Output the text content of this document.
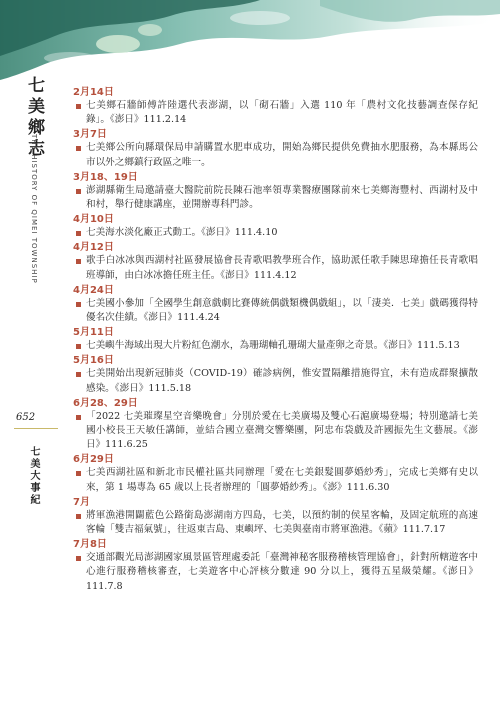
七美鄉志
THE HISTORY OF QIMEI TOWNSHIP
652
七美大事紀
2月14日
七美鄉石牆師傅許陸選代表澎湖，以「砌石牆」入選 110 年「農村文化技藝調查保存紀錄」。《澎日》111.2.14
3月7日
七美鄉公所向縣環保局申請購置水肥車成功，開始為鄉民提供免費抽水肥服務，為本縣馬公市以外之鄉鎮行政區之唯一。
3月18、19日
澎湖縣衛生局邀請臺大醫院前院長陳石池率領專業醫療團隊前來七美鄉海豐村、西湖村及中和村，舉行健康講座，並開辦專科門診。
4月10日
七美海水淡化廠正式動工。《澎日》111.4.10
4月12日
歌手白冰冰與西湖村社區發展協會長青歌唱教學班合作，協助派任歌手陳思瑋擔任長青歌唱班導師，由白冰冰擔任班主任。《澎日》111.4.12
4月24日
七美國小參加「全國學生創意戲劇比賽傳統偶戲類機偶戲組」，以「淒美．七美」戲碼獲得特優名次佳績。《澎日》111.4.24
5月11日
七美嶼牛海域出現大片粉紅色潮水，為珊瑚軸孔珊瑚大量產卵之奇景。《澎日》111.5.13
5月16日
七美開始出現新冠肺炎（COVID-19）確診病例，惟安置隔離措施得宜，未有造成群聚擴散感染。《澎日》111.5.18
6月28、29日
「2022 七美璀璨星空音樂晚會」分別於愛在七美廣場及雙心石滬廣場登場；特別邀請七美國小校長王天敏任講師，並結合國立臺灣交響樂團，阿忠布袋戲及許國振先生文藝展。《澎日》111.6.25
6月29日
七美西湖社區和新北市民權社區共同辦理「愛在七美銀髮圓夢婚紗秀」，完成七美鄉有史以來，第 1 場專為 65 歲以上長者辦理的「圓夢婚紗秀」。《澎》111.6.30
7月
將軍漁港開闢藍色公路銜島澎湖南方四島，七美，以預約制的侯星客輪，及固定航班的高速客輪「雙吉福氣號」，往返東吉島、東嶼坪、七美與臺南市將軍漁港。《蘋》111.7.17
7月8日
交通部觀光局澎湖國家風景區管理處委託「臺灣神秘客服務稽核管理協會」，針對所轄遊客中心進行服務稽核審查，七美遊客中心評核分數達 90 分以上，獲得五星級榮耀。《澎日》111.7.8
